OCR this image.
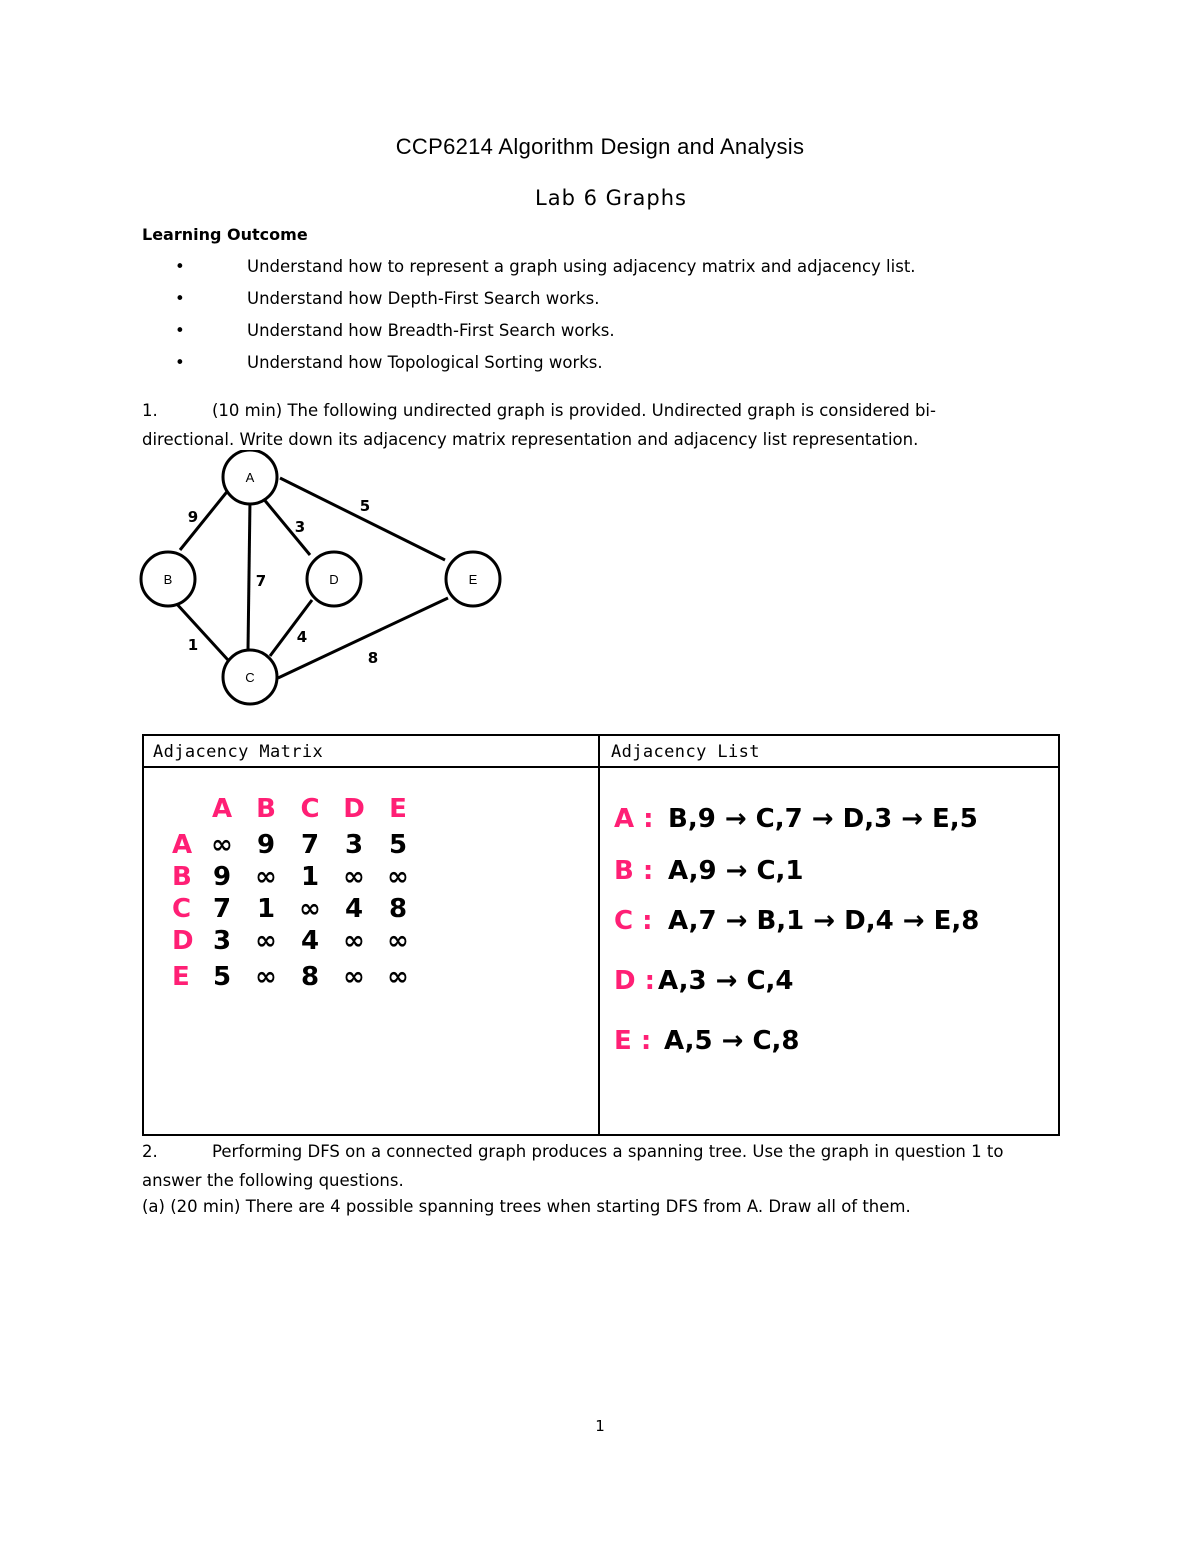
CCP6214 Algorithm Design and Analysis
Lab 6 Graphs
Learning Outcome
•	Understand how to represent a graph using adjacency matrix and adjacency list.
•	Understand how Depth-First Search works.
•	Understand how Breadth-First Search works.
•	Understand how Topological Sorting works.
1.	(10 min) The following undirected graph is provided. Undirected graph is considered bi-
directional. Write down its adjacency matrix representation and adjacency list representation.
A
B
C
D	E
9
7
3
5
1	4
8
Adjacency Matrix	Adjacency List
A B C D E
A ∞ 9 7 3 5
B 9 ∞ 1 ∞ ∞
C 7 1 ∞ 4 8
D 3 ∞ 4 ∞ ∞
E 5 ∞ 8 ∞ ∞
A : B,9 → C,7 → D,3 → E,5
B : A,9 → C,1
C : A,7 → B,1 → D,4 → E,8
D : A,3 → C,4
E : A,5 → C,8
2.	Performing DFS on a connected graph produces a spanning tree. Use the graph in question 1 to
answer the following questions.
(a) (20 min) There are 4 possible spanning trees when starting DFS from A. Draw all of them.
1
